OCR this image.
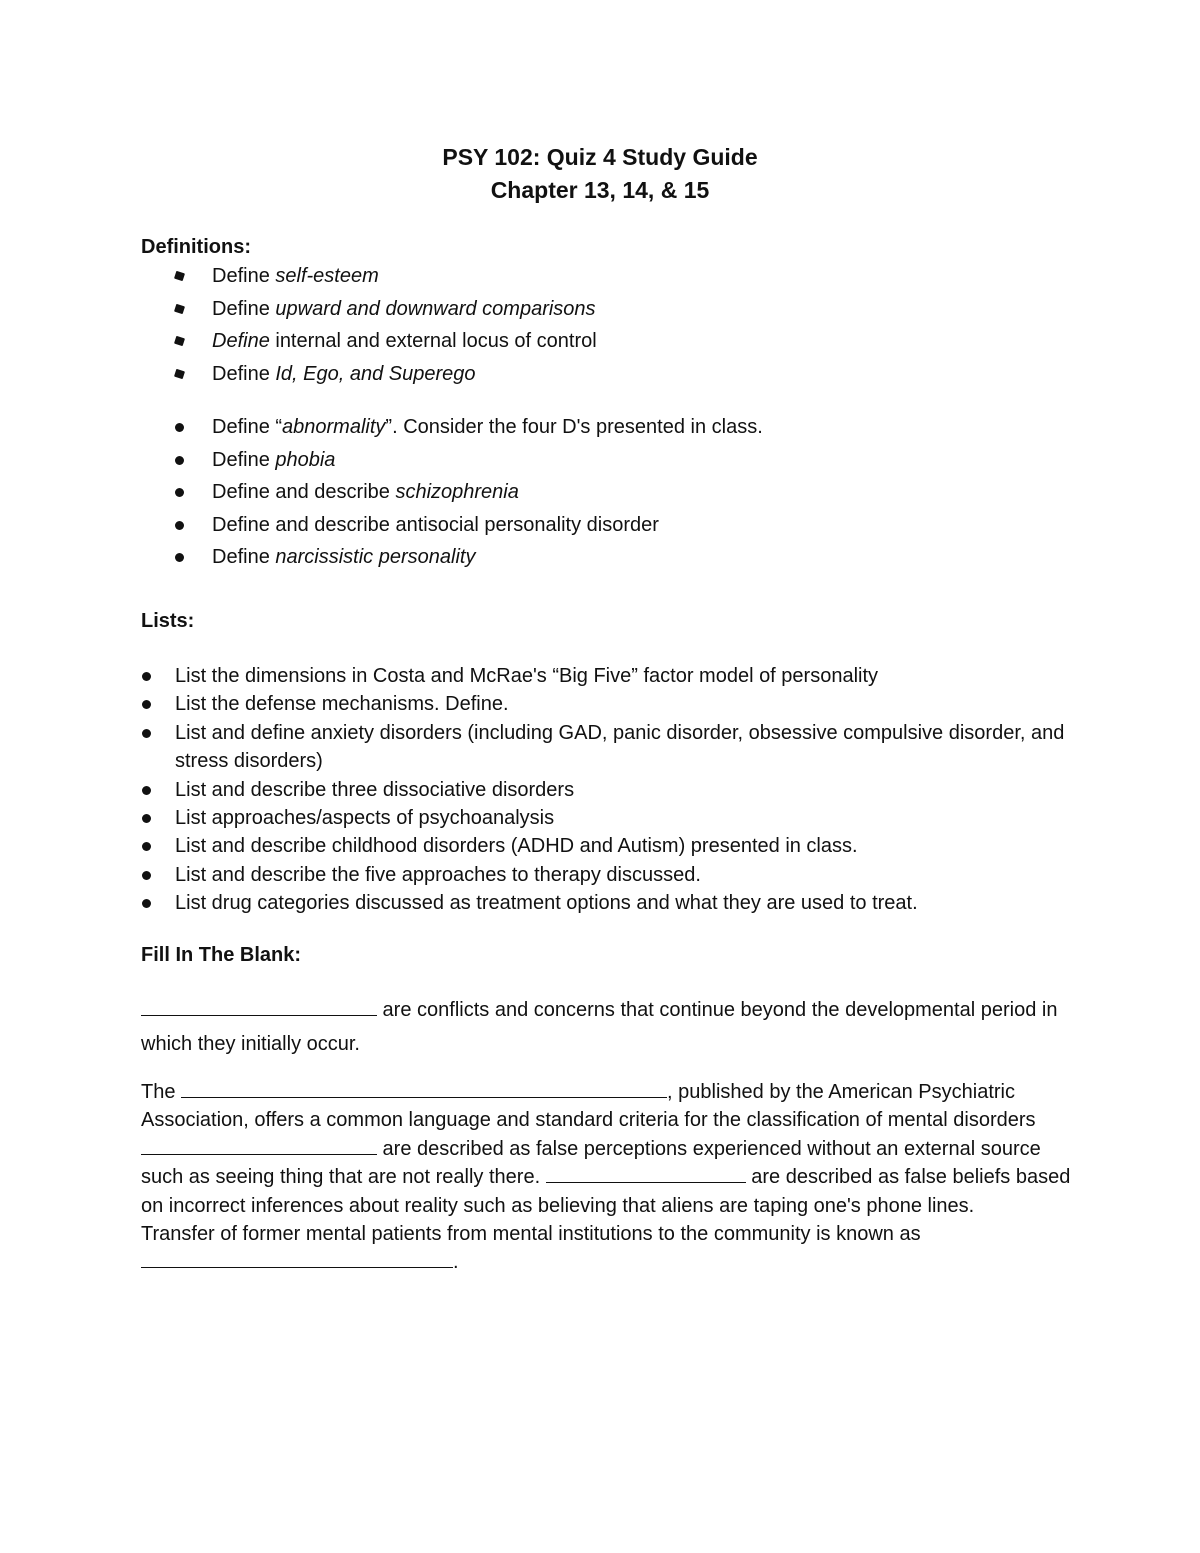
PSY 102: Quiz 4 Study Guide
Chapter 13, 14, & 15
Definitions:
Define self-esteem
Define upward and downward comparisons
Define internal and external locus of control
Define Id, Ego, and Superego
Define “abnormality”. Consider the four D's presented in class.
Define phobia
Define and describe schizophrenia
Define and describe antisocial personality disorder
Define narcissistic personality
Lists:
List the dimensions in Costa and McRae's “Big Five” factor model of personality
List the defense mechanisms. Define.
List and define anxiety disorders (including GAD, panic disorder, obsessive compulsive disorder, and stress disorders)
List and describe three dissociative disorders
List approaches/aspects of psychoanalysis
List and describe childhood disorders (ADHD and Autism) presented in class.
List and describe the five approaches to therapy discussed.
List drug categories discussed as treatment options and what they are used to treat.
Fill In The Blank:

are conflicts and concerns that continue beyond the developmental period in which they initially occur.

The	, published by the American Psychiatric Association, offers a common language and standard criteria for the classification of mental disorders
are described as false perceptions experienced without an external source such as seeing thing that are not really there.	are described as false beliefs based on incorrect inferences about reality such as believing that aliens are taping one's phone lines.
Transfer of former mental patients from mental institutions to the community is known as
.
